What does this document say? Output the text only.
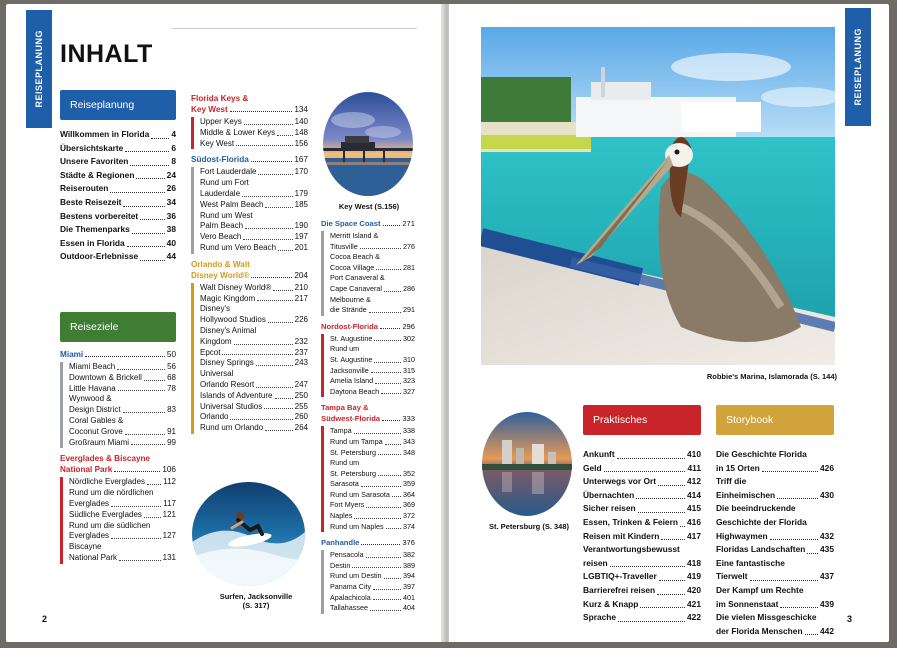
REISEPLANUNG INHALT
Reiseplanung
Willkommen in Florida	4
Übersichtskarte	6
Unsere Favoriten	8
Städte & Regionen	24
Reiserouten	26
Beste Reisezeit	34
Bestens vorbereitet	36
Die Themenparks	38
Essen in Florida	40
Outdoor-Erlebnisse	44
Reiseziele
Miami	50
Miami Beach	56
Downtown & Brickell	68
Little Havana	78
Wynwood &
Design District	83
Coral Gables &
Coconut Grove	91
Großraum Miami	99
Everglades & Biscayne
National Park	106
Nördliche Everglades 112
Rund um die nördlichen
Everglades	117
Südliche Everglades	121
Rund um die südlichen
Everglades	127
Biscayne
National Park	131
Florida Keys &
Key West	134
Upper Keys	140
Middle & Lower Keys 148
Key West	156
Südost-Florida	167
Fort Lauderdale	170
Rund um Fort
Lauderdale	179
West Palm Beach	185
Rund um West
Palm Beach	190
Vero Beach	197
Rund um Vero Beach 201
Orlando & Walt
Disney World®	204
Walt Disney World®	210
Magic Kingdom	217
Disney's
Hollywood Studios	226
Disney's Animal
Kingdom	232
Epcot	237
Disney Springs	243
Universal
Orlando Resort	247
Islands of Adventure	250
Universal Studios	255
Orlando	260
Rund um Orlando	264
Die Space Coast	271
Merritt Island &
Titusville	276
Cocoa Beach &
Cocoa Village	281
Port Canaveral &
Cape Canaveral	286
Melbourne &
die Strände	291
Nordost-Florida	296
St. Augustine	302
Rund um
St. Augustine	310
Jacksonville	315
Amelia Island	323
Daytona Beach	327
Tampa Bay &
Südwest-Florida	333
Tampa	338
Rund um Tampa	343
St. Petersburg	348
Rund um
St. Petersburg	352
Sarasota	359
Rund um Sarasota 364
Fort Myers	369
Naples	372
Rund um Naples	374
Panhandle	376
Pensacola	382
Destin	389
Rund um Destin	394
Panama City	397
Apalachicola	401
Tallahassee	404
Key West (S.156)
Surfen, Jacksonville
(S. 317)
2
REISEPLANUNG
Robbie's Marina, Islamorada (S. 144)
St. Petersburg (S. 348)
Praktisches
Ankunft	410
Geld	411
Unterwegs vor Ort	412
Übernachten	414
Sicher reisen	415
Essen, Trinken & Feiern 416
Reisen mit Kindern	417
Verantwortungsbewusst
reisen	418
LGBTIQ+-Traveller	419
Barrierefrei reisen	420
Kurz & Knapp	421
Sprache	422
Storybook
Die Geschichte Florida
in 15 Orten	426
Triff die
Einheimischen	430
Die beeindruckende
Geschichte der Florida
Highwaymen	432
Floridas Landschaften 435
Eine fantastische
Tierwelt	437
Der Kampf um Rechte
im Sonnenstaat	439
Die vielen Missgeschicke
der Florida Menschen 442
3
